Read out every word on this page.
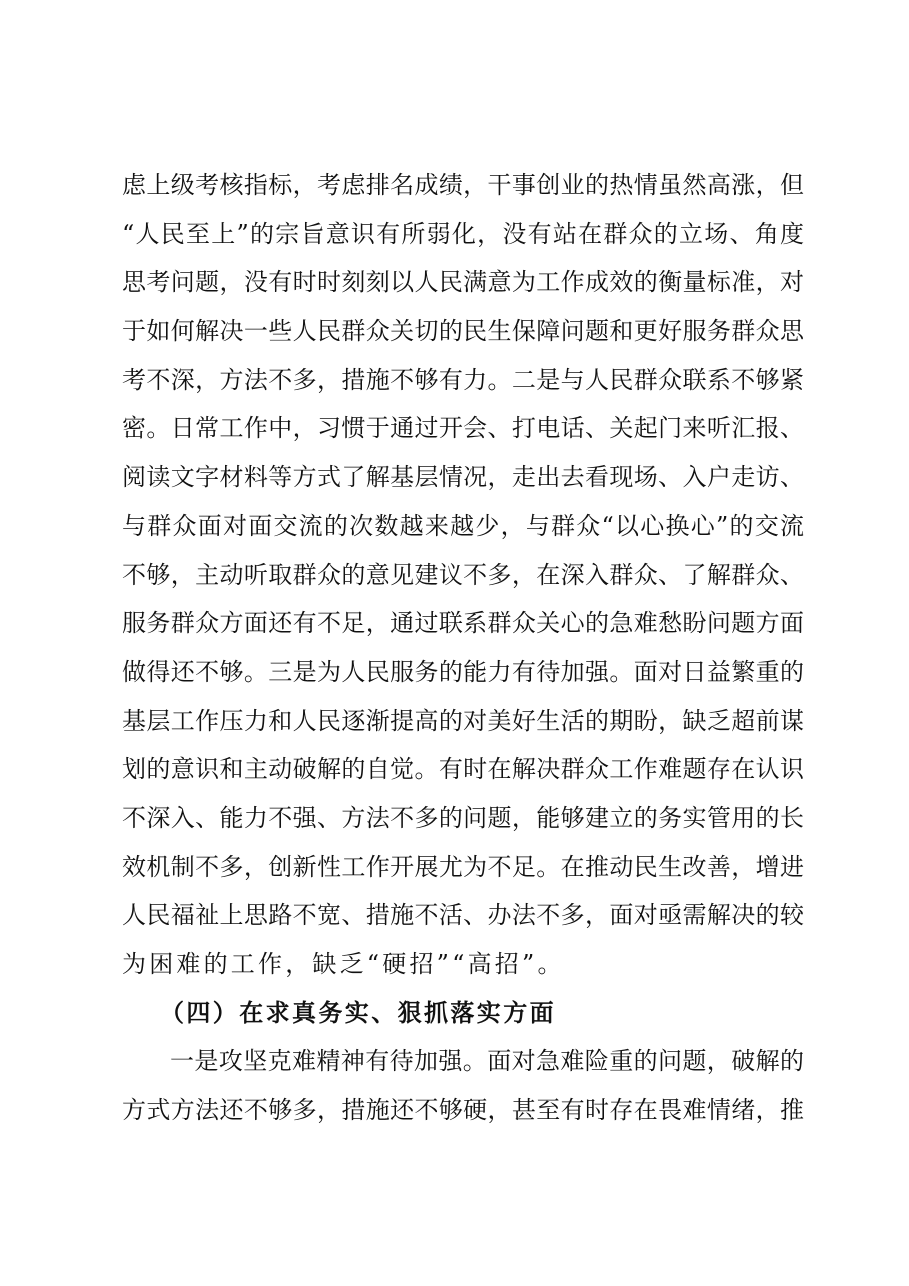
虑上级考核指标，考虑排名成绩，干事创业的热情虽然高涨，但
“人民至上”的宗旨意识有所弱化，没有站在群众的立场、角度
思考问题，没有时时刻刻以人民满意为工作成效的衡量标准，对
于如何解决一些人民群众关切的民生保障问题和更好服务群众思
考不深，方法不多，措施不够有力。二是与人民群众联系不够紧
密。日常工作中，习惯于通过开会、打电话、关起门来听汇报、
阅读文字材料等方式了解基层情况，走出去看现场、入户走访、
与群众面对面交流的次数越来越少，与群众“以心换心”的交流
不够，主动听取群众的意见建议不多，在深入群众、了解群众、
服务群众方面还有不足，通过联系群众关心的急难愁盼问题方面
做得还不够。三是为人民服务的能力有待加强。面对日益繁重的
基层工作压力和人民逐渐提高的对美好生活的期盼，缺乏超前谋
划的意识和主动破解的自觉。有时在解决群众工作难题存在认识
不深入、能力不强、方法不多的问题，能够建立的务实管用的长
效机制不多，创新性工作开展尤为不足。在推动民生改善，增进
人民福祉上思路不宽、措施不活、办法不多，面对亟需解决的较
为困难的工作，缺乏“硬招”“高招”。
（四）在求真务实、狠抓落实方面
一是攻坚克难精神有待加强。面对急难险重的问题，破解的
方式方法还不够多，措施还不够硬，甚至有时存在畏难情绪，推
